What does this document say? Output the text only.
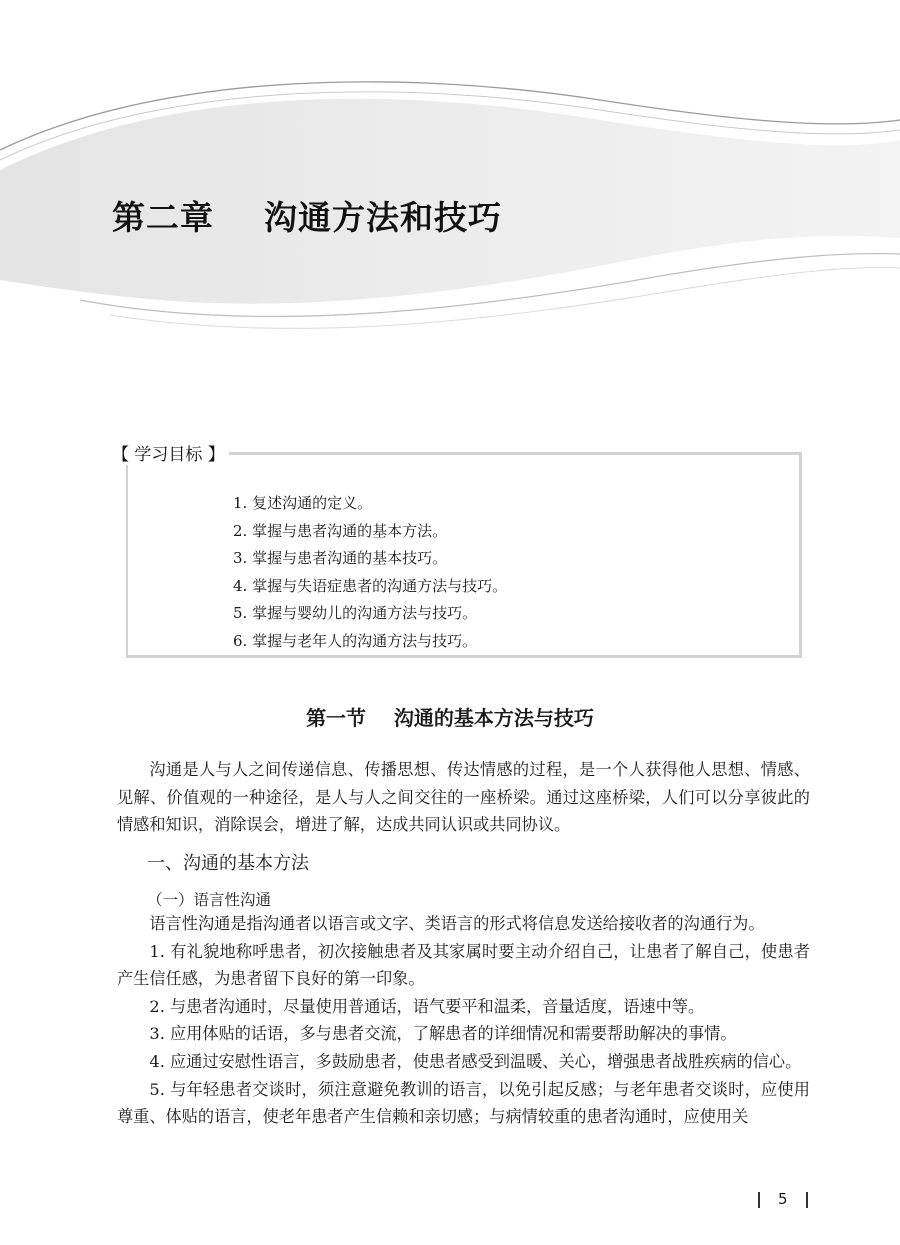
第二章    沟通方法和技巧
【 学习目标 】
1. 复述沟通的定义。
2. 掌握与患者沟通的基本方法。
3. 掌握与患者沟通的基本技巧。
4. 掌握与失语症患者的沟通方法与技巧。
5. 掌握与婴幼儿的沟通方法与技巧。
6. 掌握与老年人的沟通方法与技巧。
第一节    沟通的基本方法与技巧

沟通是人与人之间传递信息、传播思想、传达情感的过程，是一个人获得他人思想、情感、见解、价值观的一种途径，是人与人之间交往的一座桥梁。通过这座桥梁，人们可以分享彼此的情感和知识，消除误会，增进了解，达成共同认识或共同协议。

一、沟通的基本方法
（一）语言性沟通

语言性沟通是指沟通者以语言或文字、类语言的形式将信息发送给接收者的沟通行为。

1. 有礼貌地称呼患者，初次接触患者及其家属时要主动介绍自己，让患者了解自己，使患者产生信任感，为患者留下良好的第一印象。

2. 与患者沟通时，尽量使用普通话，语气要平和温柔，音量适度，语速中等。

3. 应用体贴的话语，多与患者交流，了解患者的详细情况和需要帮助解决的事情。

4. 应通过安慰性语言，多鼓励患者，使患者感受到温暖、关心，增强患者战胜疾病的信心。

5. 与年轻患者交谈时，须注意避免教训的语言，以免引起反感；与老年患者交谈时，应使用尊重、体贴的语言，使老年患者产生信赖和亲切感；与病情较重的患者沟通时，应使用关

5
